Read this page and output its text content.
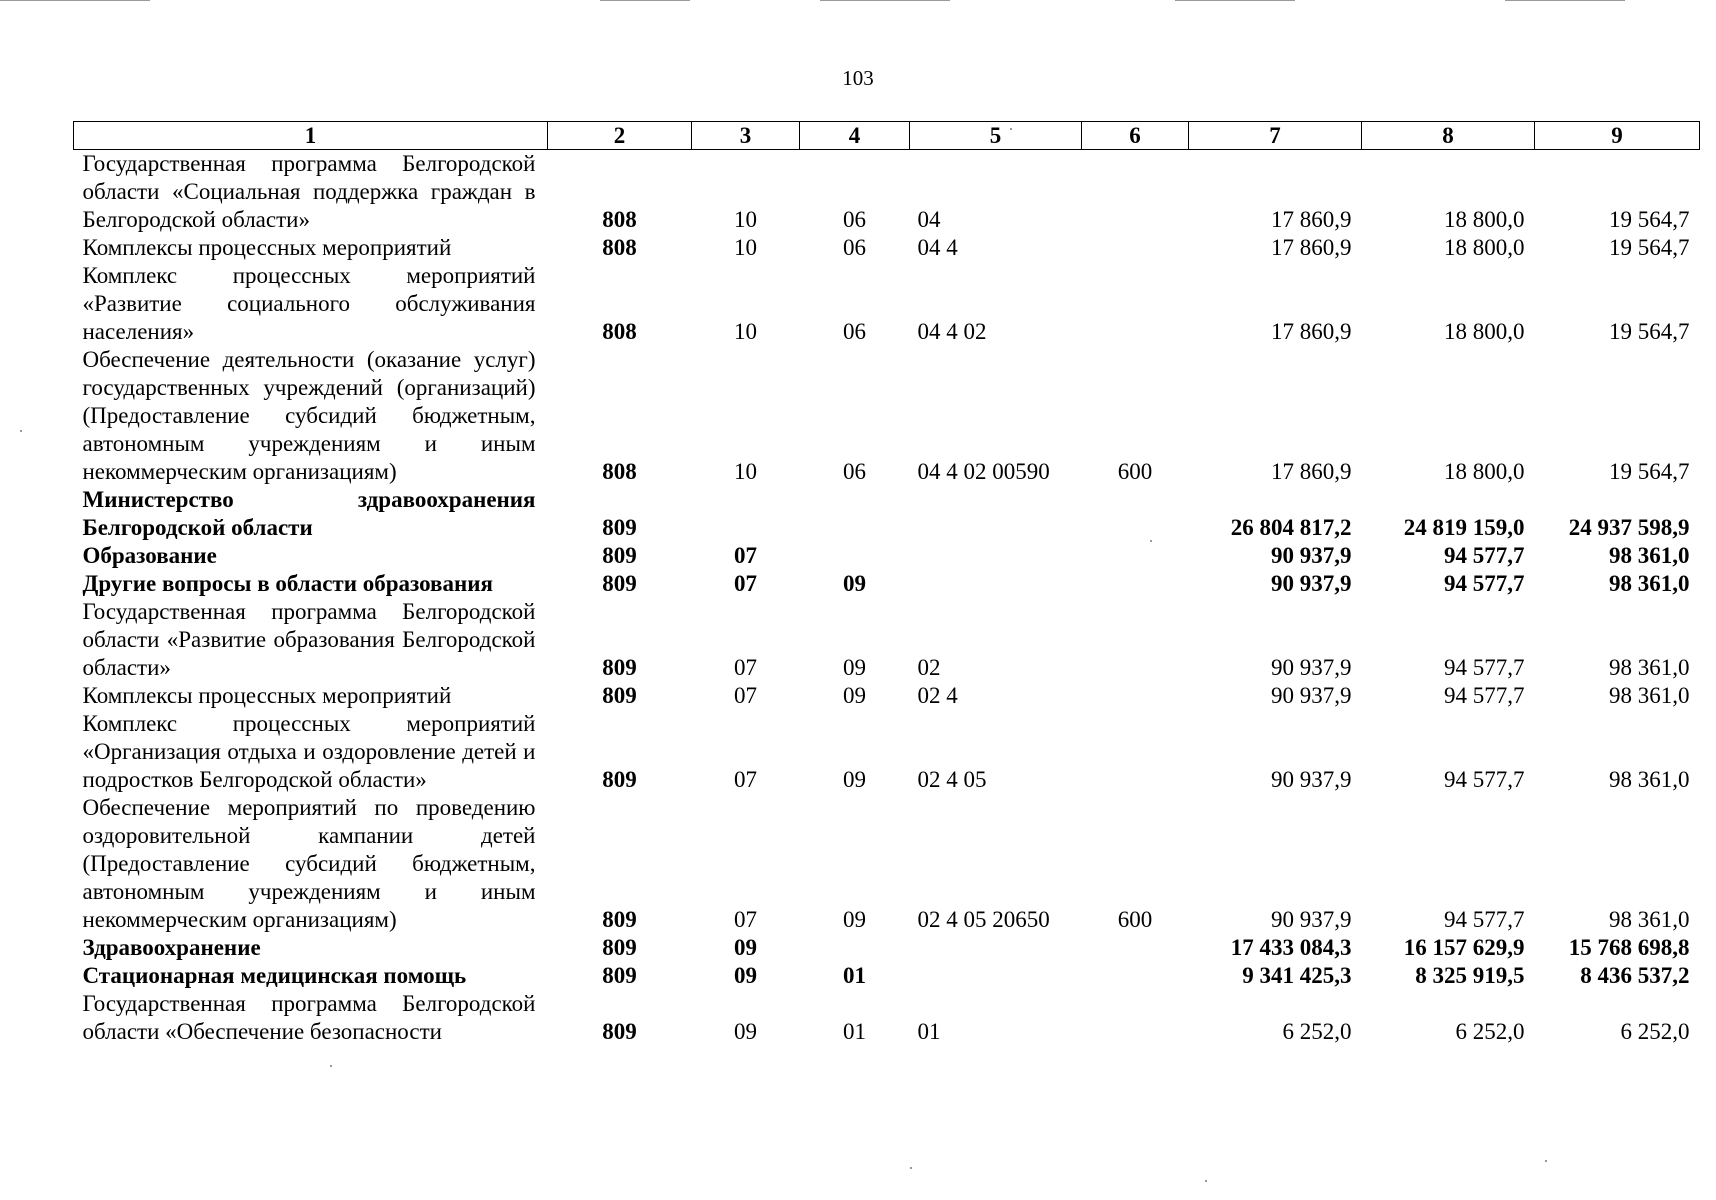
103
1	2	3	4	5	6	7	8	9
Государственная программа Белгородской области «Социальная поддержка граждан в Белгородской области»	808	10	06	04		17 860,9	18 800,0	19 564,7
Комплексы процессных мероприятий	808	10	06	04 4		17 860,9	18 800,0	19 564,7
Комплекс процессных мероприятий «Развитие социального обслуживания населения»	808	10	06	04 4 02		17 860,9	18 800,0	19 564,7
Обеспечение деятельности (оказание услуг) государственных учреждений (организаций) (Предоставление субсидий бюджетным, автономным учреждениям и иным некоммерческим организациям)	808	10	06	04 4 02 00590	600	17 860,9	18 800,0	19 564,7
Министерство здравоохранения Белгородской области	809					26 804 817,2	24 819 159,0	24 937 598,9
Образование	809	07				90 937,9	94 577,7	98 361,0
Другие вопросы в области образования	809	07	09			90 937,9	94 577,7	98 361,0
Государственная программа Белгородской области «Развитие образования Белгородской области»	809	07	09	02		90 937,9	94 577,7	98 361,0
Комплексы процессных мероприятий	809	07	09	02 4		90 937,9	94 577,7	98 361,0
Комплекс процессных мероприятий «Организация отдыха и оздоровление детей и подростков Белгородской области»	809	07	09	02 4 05		90 937,9	94 577,7	98 361,0
Обеспечение мероприятий по проведению оздоровительной кампании детей (Предоставление субсидий бюджетным, автономным учреждениям и иным некоммерческим организациям)	809	07	09	02 4 05 20650	600	90 937,9	94 577,7	98 361,0
Здравоохранение	809	09				17 433 084,3	16 157 629,9	15 768 698,8
Стационарная медицинская помощь	809	09	01			9 341 425,3	8 325 919,5	8 436 537,2
Государственная программа Белгородской области «Обеспечение безопасности	809	09	01	01		6 252,0	6 252,0	6 252,0
